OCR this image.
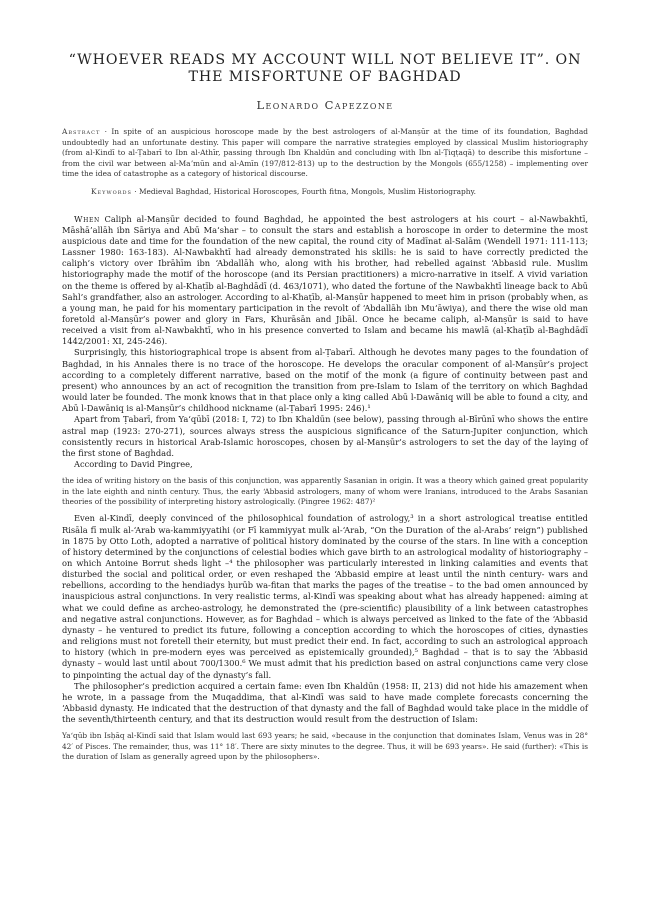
“WHOEVER READS MY ACCOUNT WILL NOT BELIEVE IT”. ON THE MISFORTUNE OF BAGHDAD
Leonardo Capezzone

Abstract · In spite of an auspicious horoscope made by the best astrologers of al-Manṣūr at the time of its foundation, Baghdad undoubtedly had an unfortunate destiny. This paper will compare the narrative strategies employed by classical Muslim historiography (from al-Kindī to al-Ṭabarī to Ibn al-Athīr, passing through Ibn Khaldūn and concluding with Ibn al-Ṭiqṭaqā) to describe this misfortune – from the civil war between al-Maʼmūn and al-Amīn (197/812-813) up to the destruction by the Mongols (655/1258) – implementing over time the idea of catastrophe as a category of historical discourse.

Keywords · Medieval Baghdad, Historical Horoscopes, Fourth fitna, Mongols, Muslim Historiography.

When Caliph al-Manṣūr decided to found Baghdad, he appointed the best astrologers at his court – al-Nawbakhtī, Māshā’allāh ibn Sāriya and Abū Maʻshar – to consult the stars and establish a horoscope in order to determine the most auspicious date and time for the foundation of the new capital, the round city of Madīnat al-Salām (Wendell 1971: 111-113; Lassner 1980: 163-183). Al-Nawbakhtī had already demonstrated his skills: he is said to have correctly predicted the caliph’s victory over Ibrāhīm ibn ʻAbdallāh who, along with his brother, had rebelled against ʻAbbasid rule. Muslim historiography made the motif of the horoscope (and its Persian practitioners) a micro-narrative in itself. A vivid variation on the theme is offered by al-Khaṭīb al-Baghdādī (d. 463/1071), who dated the fortune of the Nawbakhtī lineage back to Abū Sahl’s grandfather, also an astrologer. According to al-Khaṭīb, al-Manṣūr happened to meet him in prison (probably when, as a young man, he paid for his momentary participation in the revolt of ʻAbdallāh ibn Muʻāwiya), and there the wise old man foretold al-Manṣūr’s power and glory in Fars, Khurāsān and Jibāl. Once he became caliph, al-Manṣūr is said to have received a visit from al-Nawbakhtī, who in his presence converted to Islam and became his mawlā (al-Khaṭīb al-Baghdādī 1442/2001: XI, 245-246).

Surprisingly, this historiographical trope is absent from al-Ṭabarī. Although he devotes many pages to the foundation of Baghdad, in his Annales there is no trace of the horoscope. He develops the oracular component of al-Manṣūr’s project according to a completely different narrative, based on the motif of the monk (a figure of continuity between past and present) who announces by an act of recognition the transition from pre-Islam to Islam of the territory on which Baghdad would later be founded. The monk knows that in that place only a king called Abū l-Dawāniq will be able to found a city, and Abū l-Dawāniq is al-Manṣūr’s childhood nickname (al-Ṭabarī 1995: 246).¹

Apart from Ṭabarī, from Yaʻqūbī (2018: I, 72) to Ibn Khaldūn (see below), passing through al-Bīrūnī who shows the entire astral map (1923: 270-271), sources always stress the auspicious significance of the Saturn-Jupiter conjunction, which consistently recurs in historical Arab-Islamic horoscopes, chosen by al-Manṣūr’s astrologers to set the day of the laying of the first stone of Baghdad.

According to David Pingree,

the idea of writing history on the basis of this conjunction, was apparently Sasanian in origin. It was a theory which gained great popularity in the late eighth and ninth century. Thus, the early ʻAbbasid astrologers, many of whom were Iranians, introduced to the Arabs Sasanian theories of the possibility of interpreting history astrologically. (Pingree 1962: 487)²

Even al-Kindī, deeply convinced of the philosophical foundation of astrology,³ in a short astrological treatise entitled Risāla fī mulk al-ʻArab wa-kammiyyatihi (or Fī kammiyyat mulk al-ʻArab, “On the Duration of the al-Arabs’ reign”) published in 1875 by Otto Loth, adopted a narrative of political history dominated by the course of the stars. In line with a conception of history determined by the conjunctions of celestial bodies which gave birth to an astrological modality of historiography – on which Antoine Borrut sheds light –⁴ the philosopher was particularly interested in linking calamities and events that disturbed the social and political order, or even reshaped the ʻAbbasid empire at least until the ninth century- wars and rebellions, according to the hendiadys ḥurūb wa-fitan that marks the pages of the treatise – to the bad omen announced by inauspicious astral conjunctions. In very realistic terms, al-Kindī was speaking about what has already happened: aiming at what we could define as archeo-astrology, he demonstrated the (pre-scientific) plausibility of a link between catastrophes and negative astral conjunctions. However, as for Baghdad – which is always perceived as linked to the fate of the ʻAbbasid dynasty – he ventured to predict its future, following a conception according to which the horoscopes of cities, dynasties and religions must not foretell their eternity, but must predict their end. In fact, according to such an astrological approach to history (which in pre-modern eyes was perceived as epistemically grounded),⁵ Baghdad – that is to say the ʻAbbasid dynasty – would last until about 700/1300.⁶ We must admit that his prediction based on astral conjunctions came very close to pinpointing the actual day of the dynasty’s fall.

The philosopher’s prediction acquired a certain fame: even Ibn Khaldūn (1958: II, 213) did not hide his amazement when he wrote, in a passage from the Muqaddima, that al-Kindī was said to have made complete forecasts concerning the ʻAbbasid dynasty. He indicated that the destruction of that dynasty and the fall of Baghdad would take place in the middle of the seventh/thirteenth century, and that its destruction would result from the destruction of Islam:

Yaʻqūb ibn Isḥāq al-Kindī said that Islam would last 693 years; he said, «because in the conjunction that dominates Islam, Venus was in 28° 42′ of Pisces. The remainder, thus, was 11° 18′. There are sixty minutes to the degree. Thus, it will be 693 years». He said (further): «This is the duration of Islam as generally agreed upon by the philosophers».
